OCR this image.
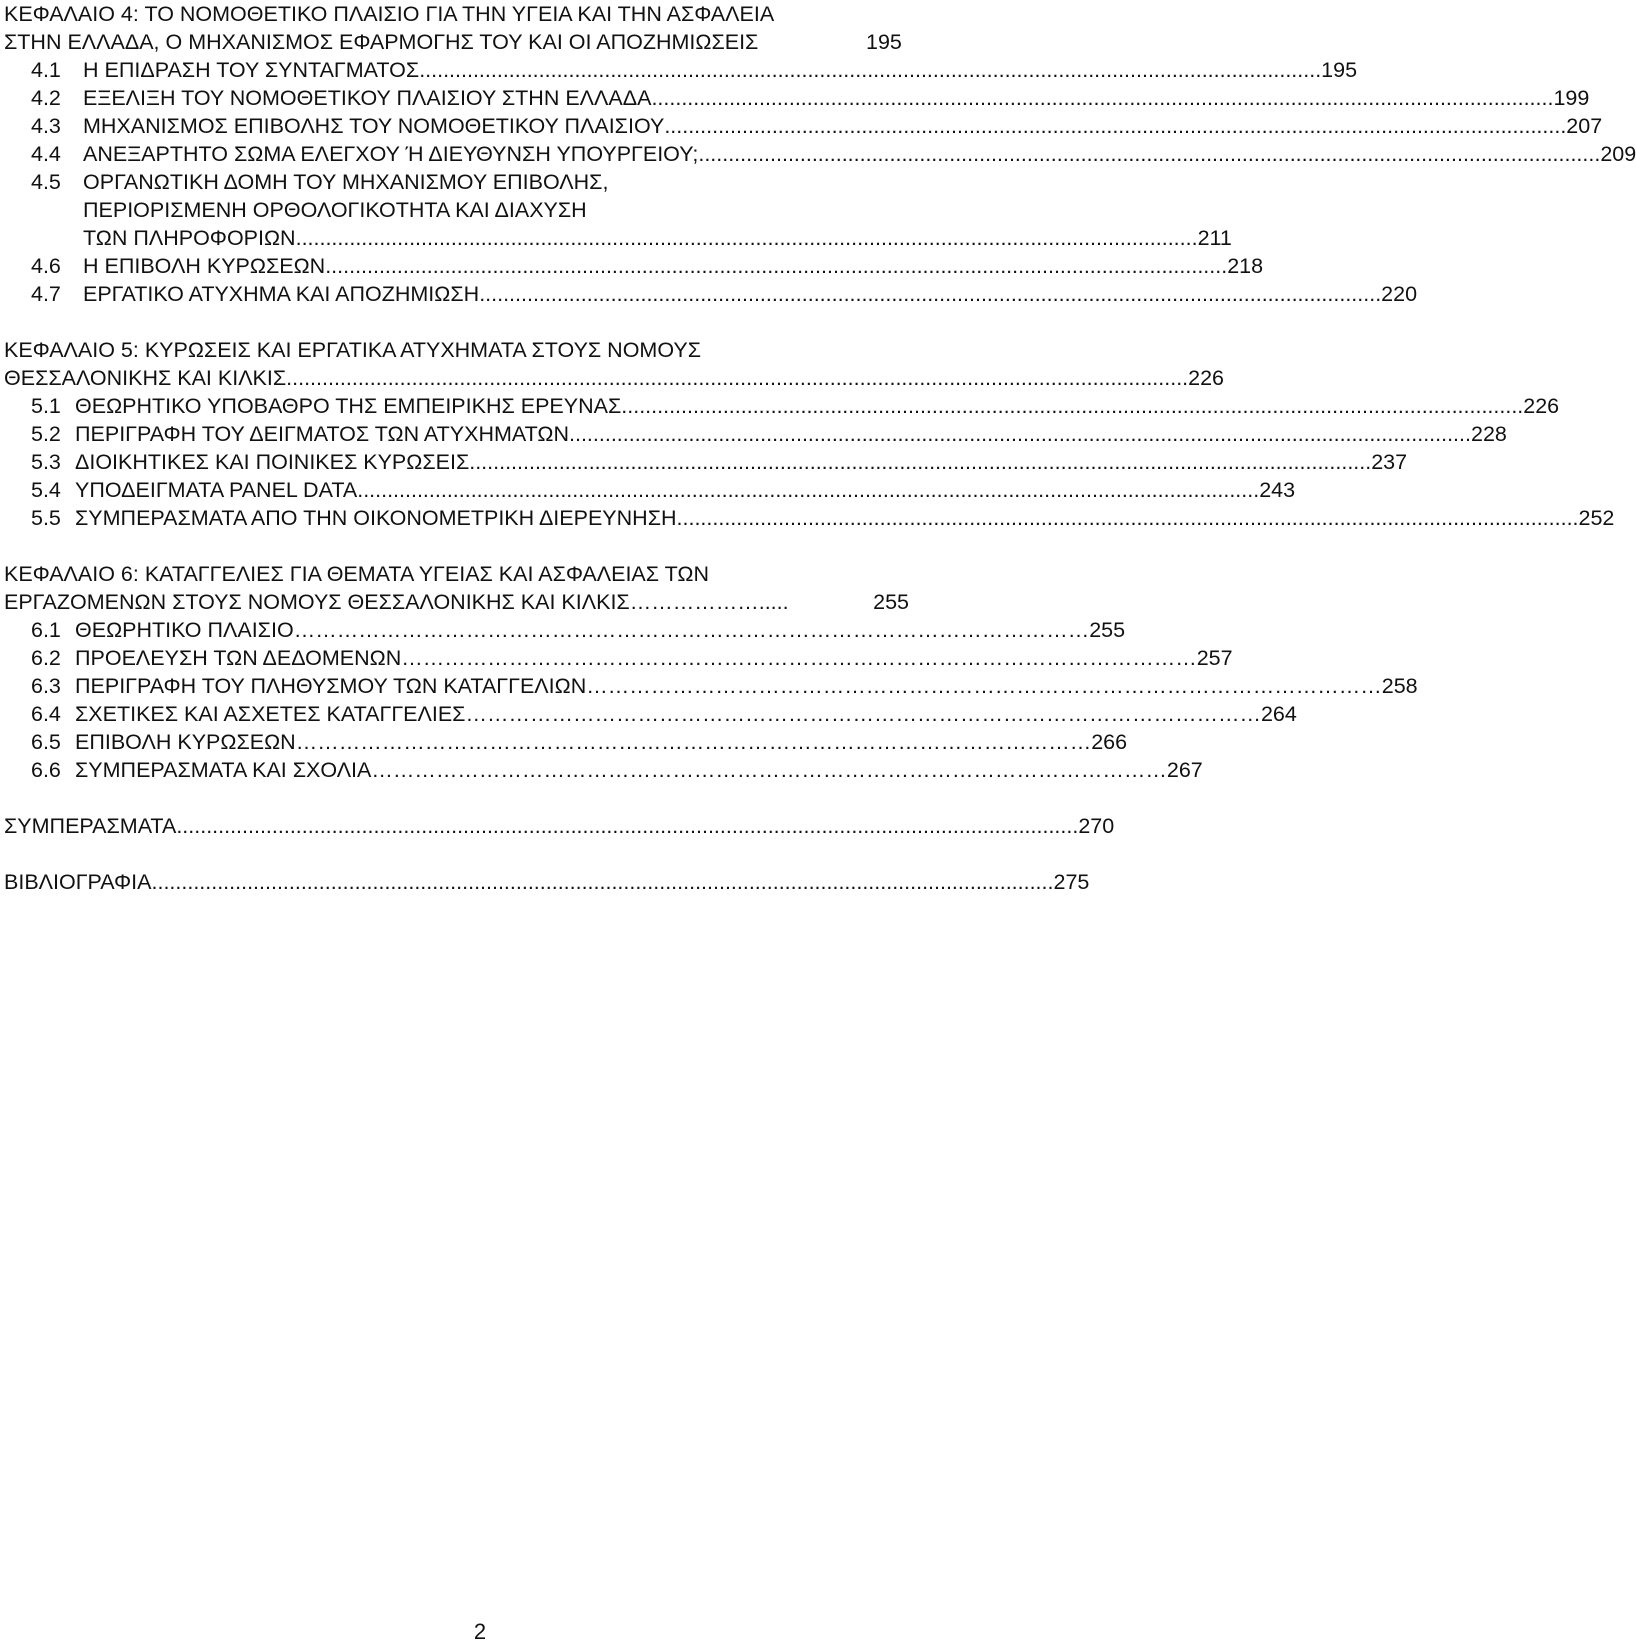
ΚΕΦΑΛΑΙΟ 4: ΤΟ ΝΟΜΟΘΕΤΙΚΟ ΠΛΑΙΣΙΟ ΓΙΑ ΤΗΝ ΥΓΕΙΑ ΚΑΙ ΤΗΝ ΑΣΦΑΛΕΙΑ
ΣΤΗΝ ΕΛΛΑΔΑ, Ο ΜΗΧΑΝΙΣΜΟΣ ΕΦΑΡΜΟΓΗΣ ΤΟΥ ΚΑΙ ΟΙ ΑΠΟΖΗΜΙΩΣΕΙΣ	195
4.1	Η ΕΠΙΔΡΑΣΗ ΤΟΥ ΣΥΝΤΑΓΜΑΤΟΣ ....................................................................................................................................................... 195
4.2	ΕΞΕΛΙΞΗ ΤΟΥ ΝΟΜΟΘΕΤΙΚΟΥ ΠΛΑΙΣΙΟΥ ΣΤΗΝ ΕΛΛΑΔΑ ....................................................................................................................................................... 199
4.3	ΜΗΧΑΝΙΣΜΟΣ ΕΠΙΒΟΛΗΣ ΤΟΥ ΝΟΜΟΘΕΤΙΚΟΥ ΠΛΑΙΣΙΟΥ ....................................................................................................................................................... 207
4.4	ΑΝΕΞΑΡΤΗΤΟ ΣΩΜΑ ΕΛΕΓΧΟΥ Ή ΔΙΕΥΘΥΝΣΗ ΥΠΟΥΡΓΕΙΟΥ; ....................................................................................................................................................... 209
4.5 ΟΡΓΑΝΩΤΙΚΗ ΔΟΜΗ ΤΟΥ ΜΗΧΑΝΙΣΜΟΥ ΕΠΙΒΟΛΗΣ,
ΠΕΡΙΟΡΙΣΜΕΝΗ ΟΡΘΟΛΟΓΙΚΟΤΗΤΑ ΚΑΙ ΔΙΑΧΥΣΗ
ΤΩΝ ΠΛΗΡΟΦΟΡΙΩΝ ....................................................................................................................................................... 211
4.6	Η ΕΠΙΒΟΛΗ ΚΥΡΩΣΕΩΝ ....................................................................................................................................................... 218
4.7	ΕΡΓΑΤΙΚΟ ΑΤΥΧΗΜΑ ΚΑΙ ΑΠΟΖΗΜΙΩΣΗ ....................................................................................................................................................... 220
ΚΕΦΑΛΑΙΟ 5: ΚΥΡΩΣΕΙΣ ΚΑΙ ΕΡΓΑΤΙΚΑ ΑΤΥΧΗΜΑΤΑ ΣΤΟΥΣ ΝΟΜΟΥΣ
ΘΕΣΣΑΛΟΝΙΚΗΣ ΚΑΙ ΚΙΛΚΙΣ ....................................................................................................................................................... 226
5.1 ΘΕΩΡΗΤΙΚΟ ΥΠΟΒΑΘΡΟ ΤΗΣ ΕΜΠΕΙΡΙΚΗΣ ΕΡΕΥΝΑΣ ....................................................................................................................................................... 226
5.2 ΠΕΡΙΓΡΑΦΗ ΤΟΥ ΔΕΙΓΜΑΤΟΣ ΤΩΝ ΑΤΥΧΗΜΑΤΩΝ ....................................................................................................................................................... 228
5.3 ΔΙΟΙΚΗΤΙΚΕΣ ΚΑΙ ΠΟΙΝΙΚΕΣ ΚΥΡΩΣΕΙΣ ....................................................................................................................................................... 237
5.4 ΥΠΟΔΕΙΓΜΑΤΑ PANEL DATA ....................................................................................................................................................... 243
5.5 ΣΥΜΠΕΡΑΣΜΑΤΑ ΑΠΟ ΤΗΝ ΟΙΚΟΝΟΜΕΤΡΙΚΗ ΔΙΕΡΕΥΝΗΣΗ ....................................................................................................................................................... 252
ΚΕΦΑΛΑΙΟ 6: ΚΑΤΑΓΓΕΛΙΕΣ ΓΙΑ ΘΕΜΑΤΑ ΥΓΕΙΑΣ ΚΑΙ ΑΣΦΑΛΕΙΑΣ ΤΩΝ
ΕΡΓΑΖΟΜΕΝΩΝ ΣΤΟΥΣ ΝΟΜΟΥΣ ΘΕΣΣΑΛΟΝΙΚΗΣ ΚΑΙ ΚΙΛΚΙΣ ……………….....	255
6.1 ΘΕΩΡΗΤΙΚΟ ΠΛΑΙΣΙΟ ………………………………………………………………………………………………… 255
6.2 ΠΡΟΕΛΕΥΣΗ ΤΩΝ ΔΕΔΟΜΕΝΩΝ ………………………………………………………………………………………………… 257
6.3 ΠΕΡΙΓΡΑΦΗ ΤΟΥ ΠΛΗΘΥΣΜΟΥ ΤΩΝ ΚΑΤΑΓΓΕΛΙΩΝ ………………………………………………………………………………………………… 258
6.4 ΣΧΕΤΙΚΕΣ ΚΑΙ ΑΣΧΕΤΕΣ ΚΑΤΑΓΓΕΛΙΕΣ ………………………………………………………………………………………………… 264
6.5 ΕΠΙΒΟΛΗ ΚΥΡΩΣΕΩΝ ………………………………………………………………………………………………… 266
6.6 ΣΥΜΠΕΡΑΣΜΑΤΑ ΚΑΙ ΣΧΟΛΙΑ ………………………………………………………………………………………………… 267
ΣΥΜΠΕΡΑΣΜΑΤΑ ....................................................................................................................................................... 270
ΒΙΒΛΙΟΓΡΑΦΙΑ ....................................................................................................................................................... 275
2
